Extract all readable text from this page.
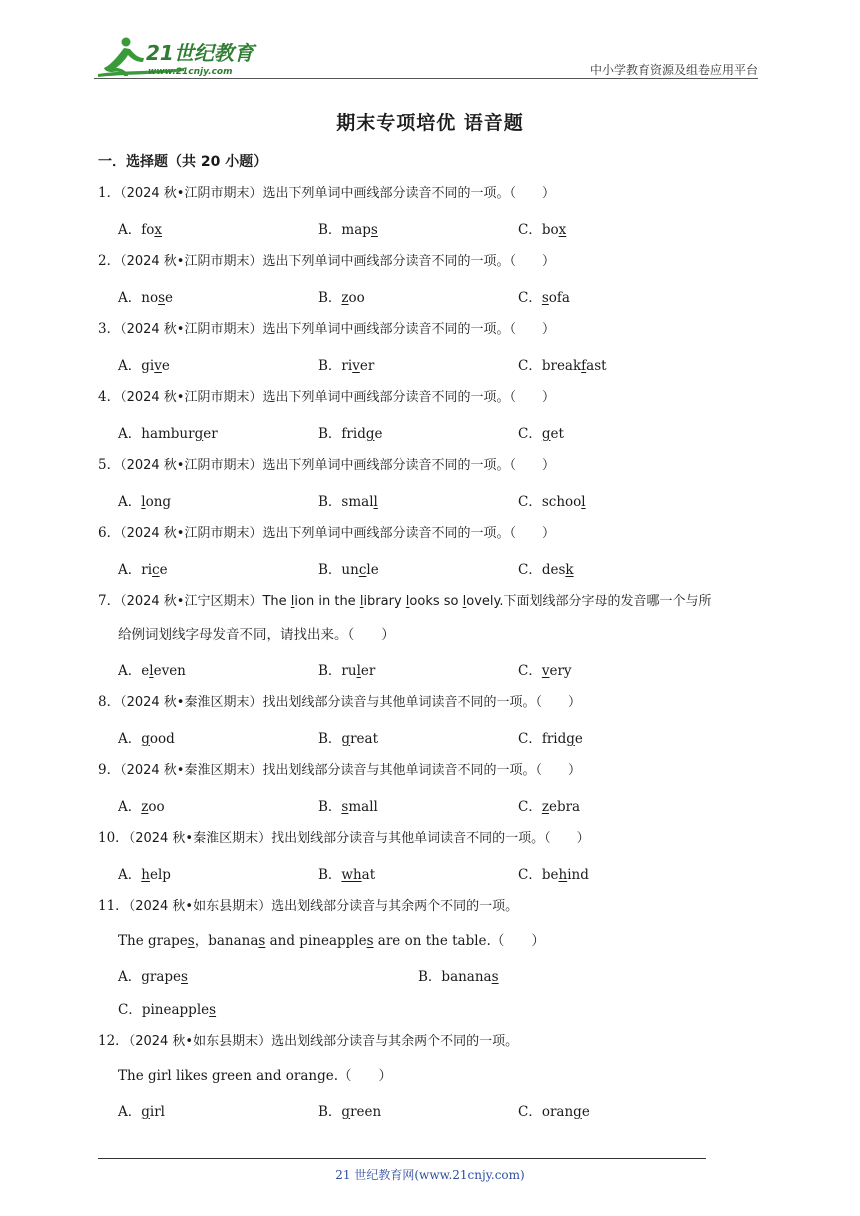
21世纪教育
www.21cnjy.com	中小学教育资源及组卷应用平台
期末专项培优 语音题
一．选择题（共 20 小题）

1．（2024 秋•江阴市期末）选出下列单词中画线部分读音不同的一项。（　　）

A．fox	B．maps	C．box

2．（2024 秋•江阴市期末）选出下列单词中画线部分读音不同的一项。（　　）

A．nose	B．zoo	C．sofa

3．（2024 秋•江阴市期末）选出下列单词中画线部分读音不同的一项。（　　）

A．give	B．river	C．breakfast

4．（2024 秋•江阴市期末）选出下列单词中画线部分读音不同的一项。（　　）

A．hamburger	B．fridge	C．get

5．（2024 秋•江阴市期末）选出下列单词中画线部分读音不同的一项。（　　）

A．long	B．small	C．school

6．（2024 秋•江阴市期末）选出下列单词中画线部分读音不同的一项。（　　）

A．rice	B．uncle	C．desk

7．（2024 秋•江宁区期末）The lion in the library looks so lovely.下面划线部分字母的发音哪一个与所

给例词划线字母发音不同，请找出来。（　　）
A．eleven	B．ruler	C．very

8．（2024 秋•秦淮区期末）找出划线部分读音与其他单词读音不同的一项。（　　）

A．good	B．great	C．fridge

9．（2024 秋•秦淮区期末）找出划线部分读音与其他单词读音不同的一项。（　　）

A．zoo	B．small	C．zebra

10．（2024 秋•秦淮区期末）找出划线部分读音与其他单词读音不同的一项。（　　）

A．help	B．what	C．behind

11．（2024 秋•如东县期末）选出划线部分读音与其余两个不同的一项。

The grapes，bananas and pineapples are on the table.（　　）
A．grapes	B．bananas
C．pineapples

12．（2024 秋•如东县期末）选出划线部分读音与其余两个不同的一项。

The girl likes green and orange.（　　）
A．girl	B．green	C．orange
21 世纪教育网(www.21cnjy.com)
